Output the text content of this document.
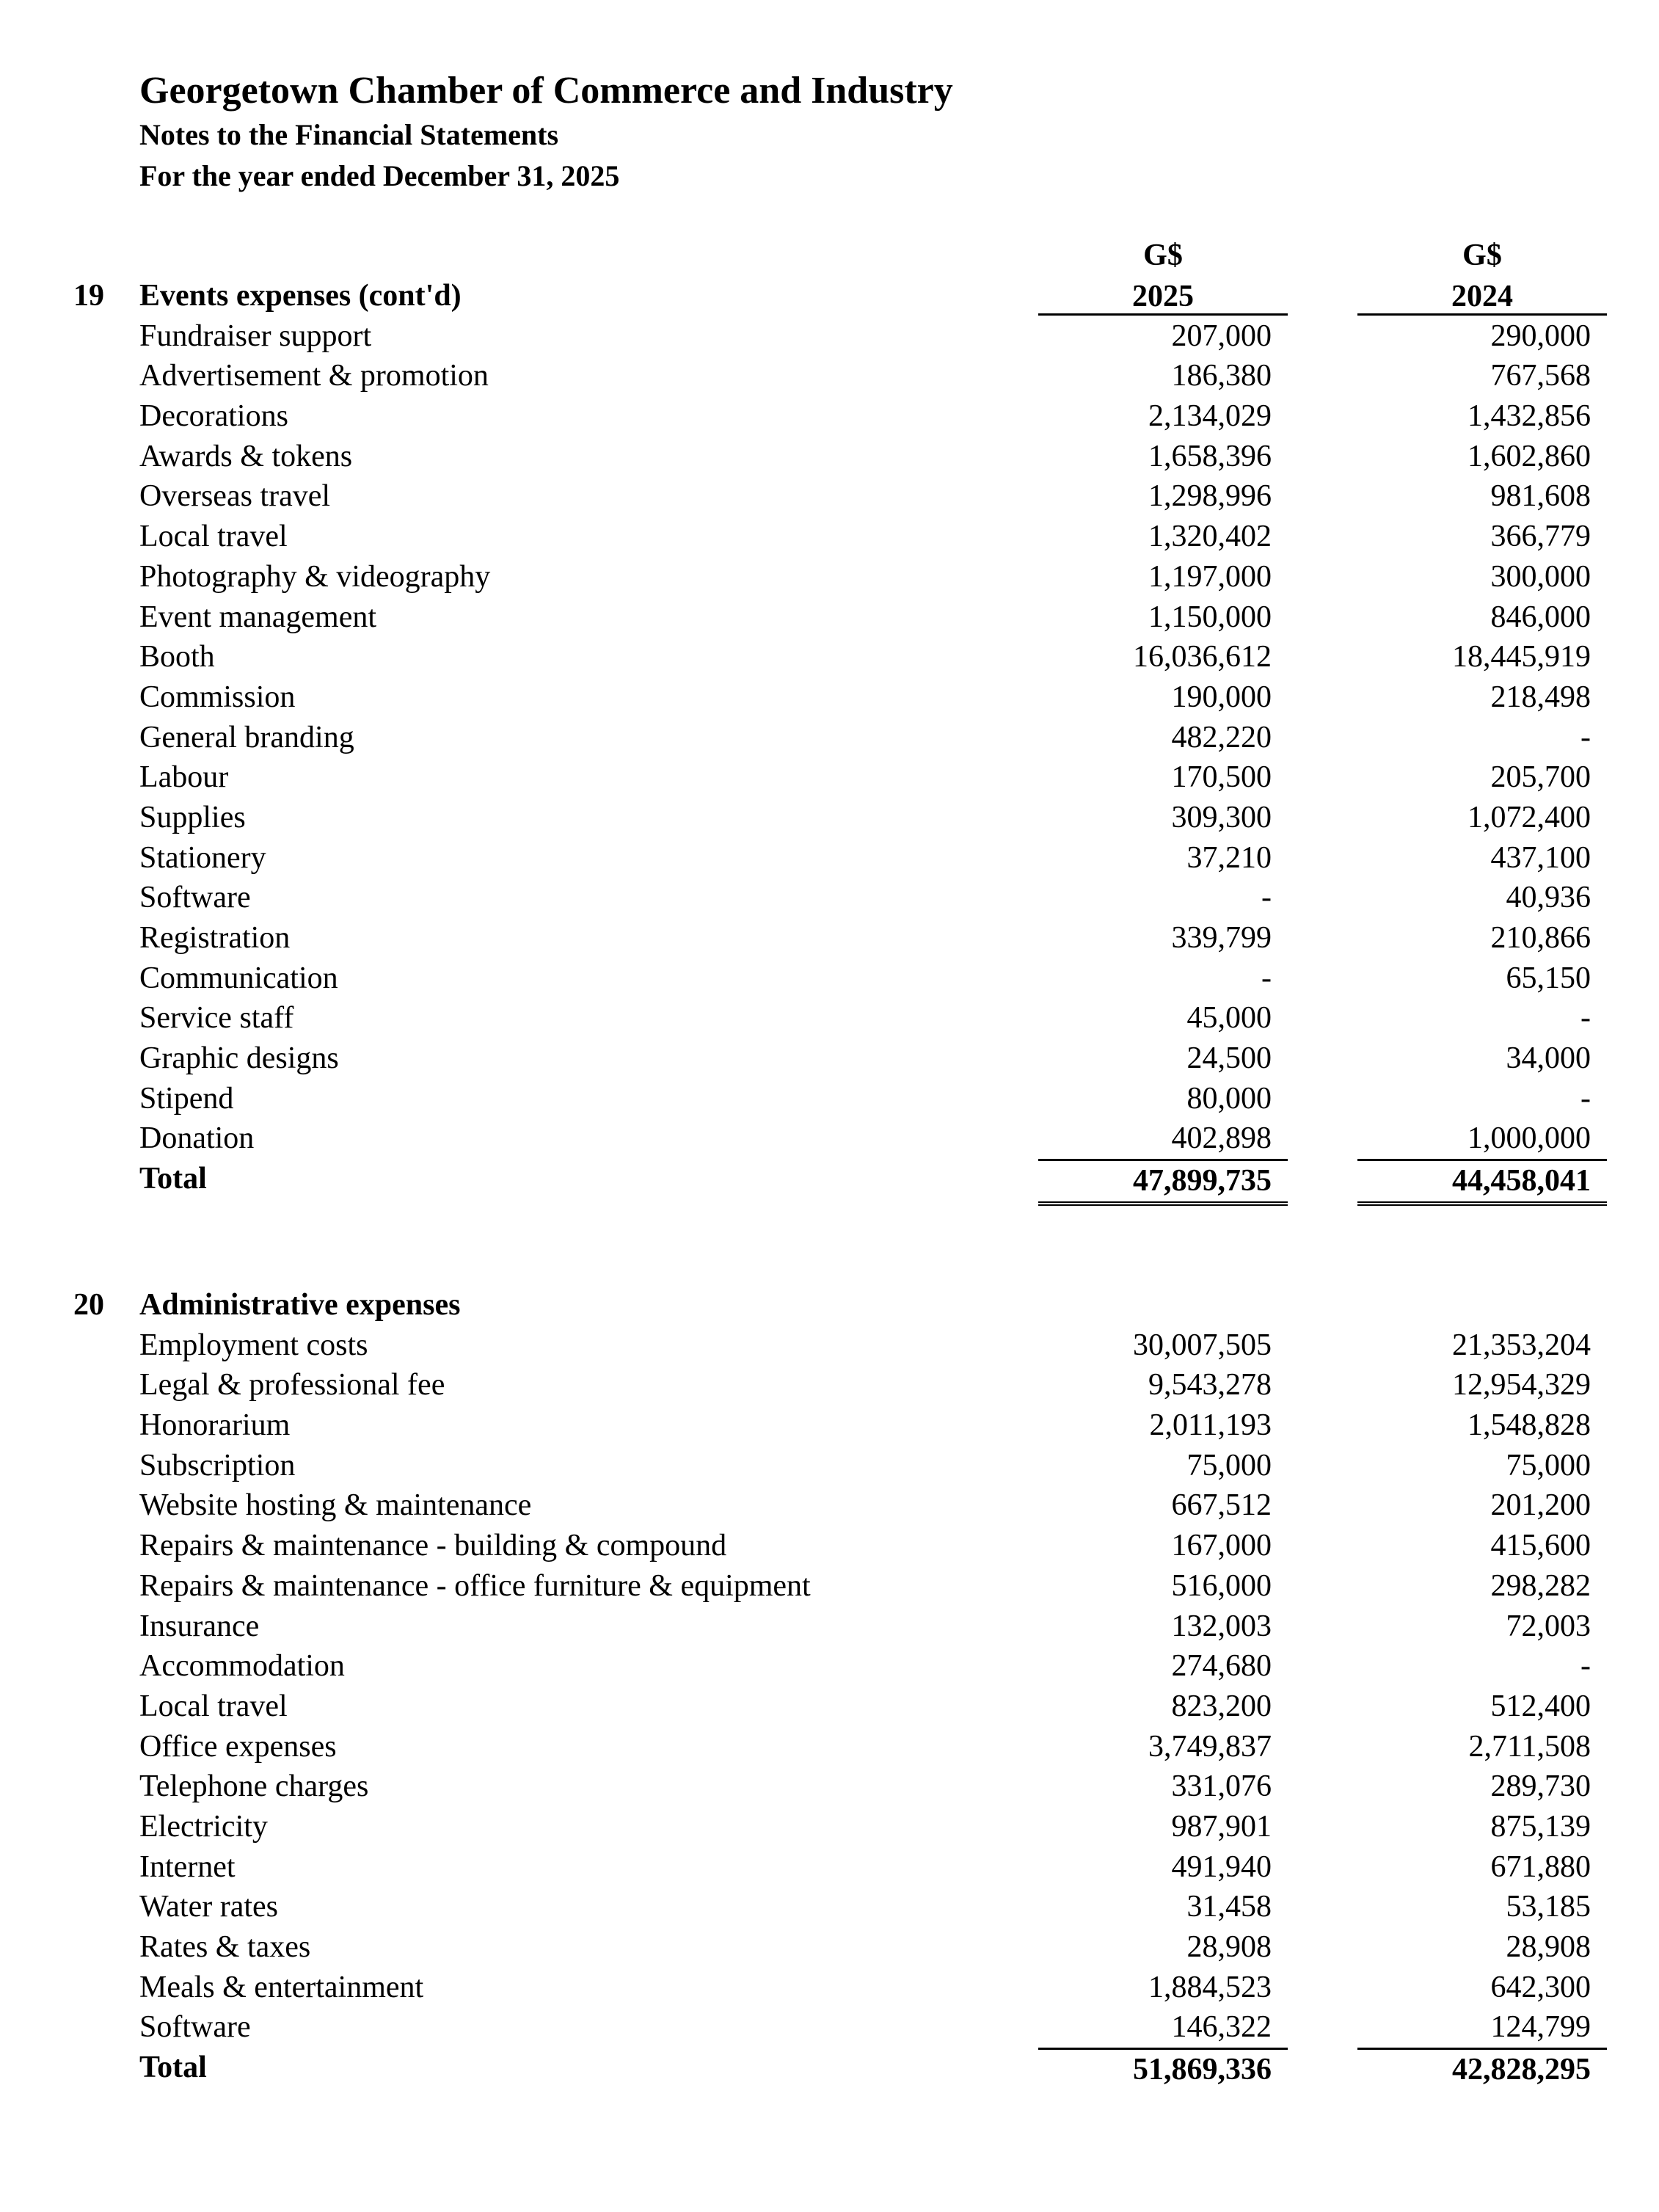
Georgetown Chamber of Commerce and Industry
Notes to the Financial Statements
For the year ended December 31, 2025
G$	G$
2025	2024
19 Events expenses (cont'd)
Fundraiser support	207,000	290,000
Advertisement & promotion	186,380	767,568
Decorations	2,134,029	1,432,856
Awards & tokens	1,658,396	1,602,860
Overseas travel	1,298,996	981,608
Local travel	1,320,402	366,779
Photography & videography	1,197,000	300,000
Event management	1,150,000	846,000
Booth	16,036,612	18,445,919
Commission	190,000	218,498
General branding	482,220	-
Labour	170,500	205,700
Supplies	309,300	1,072,400
Stationery	37,210	437,100
Software	-	40,936
Registration	339,799	210,866
Communication	-	65,150
Service staff	45,000	-
Graphic designs	24,500	34,000
Stipend	80,000	-
Donation	402,898	1,000,000
Total	47,899,735	44,458,041
20 Administrative expenses
Employment costs	30,007,505	21,353,204
Legal & professional fee	9,543,278	12,954,329
Honorarium	2,011,193	1,548,828
Subscription	75,000	75,000
Website hosting & maintenance	667,512	201,200
Repairs & maintenance - building & compound	167,000	415,600
Repairs & maintenance - office furniture & equipment	516,000	298,282
Insurance	132,003	72,003
Accommodation	274,680	-
Local travel	823,200	512,400
Office expenses	3,749,837	2,711,508
Telephone charges	331,076	289,730
Electricity	987,901	875,139
Internet	491,940	671,880
Water rates	31,458	53,185
Rates & taxes	28,908	28,908
Meals & entertainment	1,884,523	642,300
Software	146,322	124,799
Total	51,869,336	42,828,295
